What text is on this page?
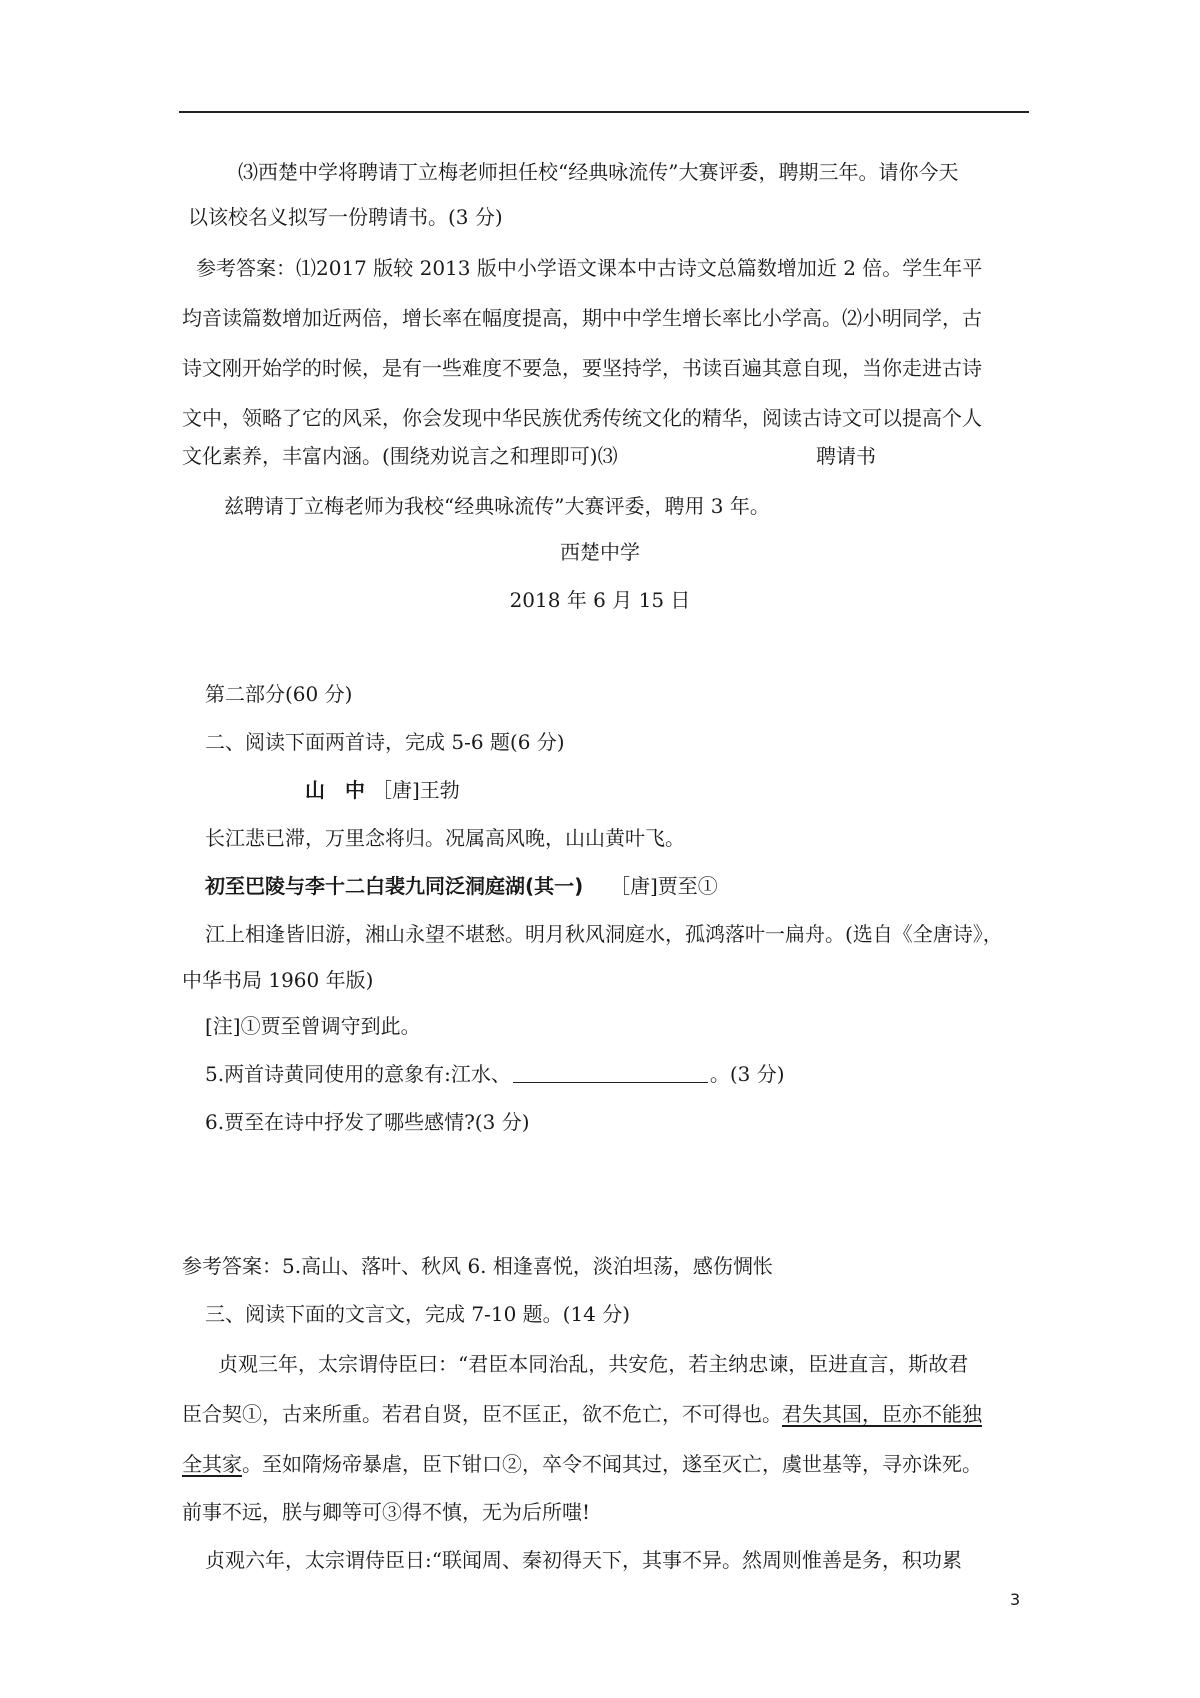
⑶西楚中学将聘请丁立梅老师担任校“经典咏流传”大赛评委，聘期三年。请你今天
以该校名义拟写一份聘请书。(3 分)
参考答案：⑴2017 版较 2013 版中小学语文课本中古诗文总篇数增加近 2 倍。学生年平
均音读篇数增加近两倍，增长率在幅度提高，期中中学生增长率比小学高。⑵小明同学，古
诗文刚开始学的时候，是有一些难度不要急，要坚持学，书读百遍其意自现，当你走进古诗
文中，领略了它的风采，你会发现中华民族优秀传统文化的精华，阅读古诗文可以提高个人
文化素养，丰富内涵。(围绕劝说言之和理即可)⑶	聘请书
兹聘请丁立梅老师为我校“经典咏流传”大赛评委，聘用 3 年。
西楚中学
2018 年 6 月 15 日
第二部分(60 分)
二、阅读下面两首诗，完成 5-6 题(6 分)
山　中 ［唐]王勃
长江悲已滞，万里念将归。况属高风晚，山山黄叶飞。
初至巴陵与李十二白裴九同泛洞庭湖(其一) ［唐]贾至①
江上相逢皆旧游，湘山永望不堪愁。明月秋风洞庭水，孤鸿落叶一扁舟。(选自《全唐诗》，
中华书局 1960 年版)
[注]①贾至曾调守到此。
5.两首诗黄同使用的意象有:江水、	。(3 分)
6.贾至在诗中抒发了哪些感情?(3 分)
参考答案：5.高山、落叶、秋风 6. 相逢喜悦，淡泊坦荡，感伤惆怅
三、阅读下面的文言文，完成 7-10 题。(14 分)
贞观三年，太宗谓侍臣曰：“君臣本同治乱，共安危，若主纳忠谏，臣进直言，斯故君
臣合契①，古来所重。若君自贤，臣不匡正，欲不危亡，不可得也。君失其国，臣亦不能独
全其家。至如隋炀帝暴虐，臣下钳口②，卒令不闻其过，遂至灭亡，虞世基等，寻亦诛死。
前事不远，朕与卿等可③得不慎，无为后所嗤!
贞观六年，太宗谓侍臣日:“联闻周、秦初得天下，其事不异。然周则惟善是务，积功累
3
